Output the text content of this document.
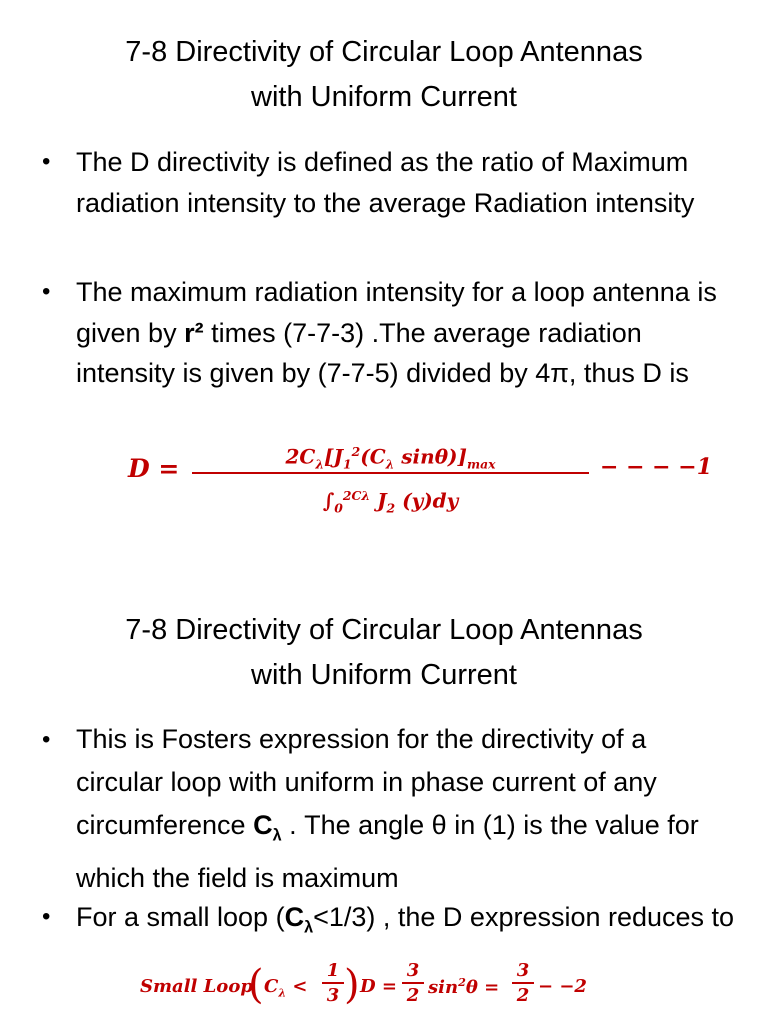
7-8 Directivity of Circular Loop Antennas
with Uniform Current
• The D directivity is defined as the ratio of Maximum radiation intensity to the average Radiation intensity
• The maximum radiation intensity for a loop antenna is given by r² times (7-7-3) .The average radiation intensity is given by (7-7-5) divided by 4π, thus D is
D =	$2C_\lambda[J_1^2(C_\lambda$ $\sin\theta)]_{max}$
$\int_0^{2C\lambda}$ $J_2$ (y)dy
− − − −1
7-8 Directivity of Circular Loop Antennas
with Uniform Current
• This is Fosters expression for the directivity of a circular loop with uniform in phase current of any circumference $C_\lambda$ . The angle θ in (1) is the value for which the field is maximum
• For a small loop $(C_\lambda<1/3)$ , the D expression reduces to
Small Loop
( $C_\lambda$ <
1
3 ) D =
3
2 $\sin^2\theta$ =
3
2 − −2
